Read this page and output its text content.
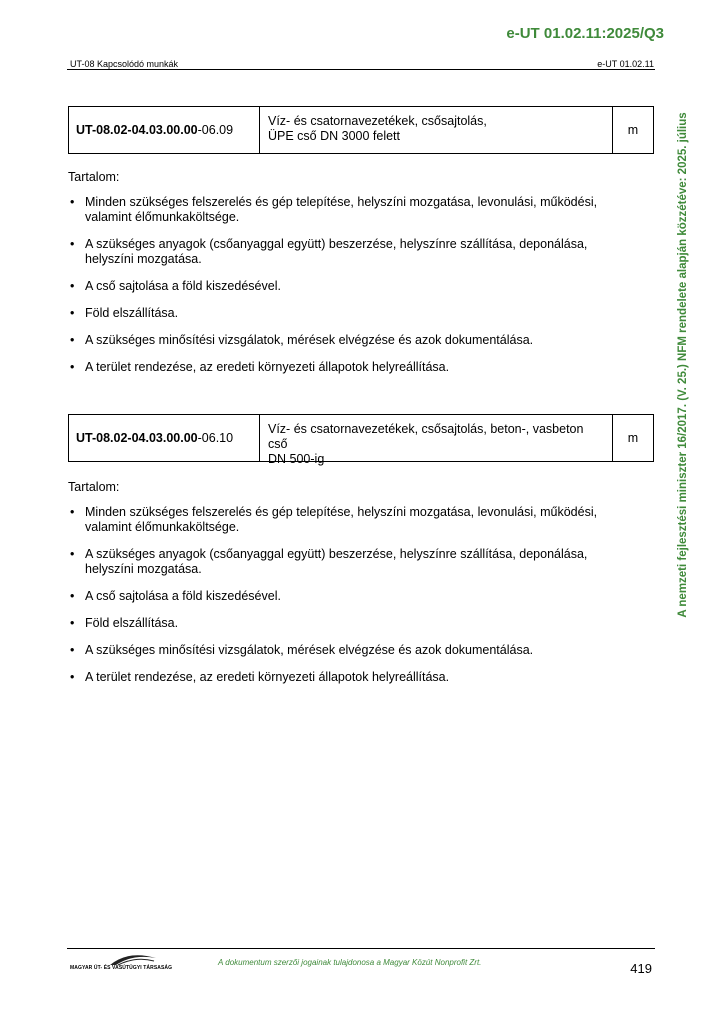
e-UT 01.02.11:2025/Q3
UT-08 Kapcsolódó munkák	e-UT 01.02.11
A nemzeti fejlesztési miniszter 16/2017. (V. 25.) NFM rendelete alapján közzétéve: 2025. július
UT-08.02-04.03.00.00 -06.09
Víz- és csatornavezetékek, csősajtolás,
ÜPE cső DN 3000 felett	m

Tartalom:

• Minden szükséges felszerelés és gép telepítése, helyszíni mozgatása, levonulási, működési, valamint élőmunkaköltsége.
• A szükséges anyagok (csőanyaggal együtt) beszerzése, helyszínre szállítása, deponálása, helyszíni mozgatása.
• A cső sajtolása a föld kiszedésével.
• Föld elszállítása.
• A szükséges minősítési vizsgálatok, mérések elvégzése és azok dokumentálása.
• A terület rendezése, az eredeti környezeti állapotok helyreállítása.
UT-08.02-04.03.00.00 -06.10
Víz- és csatornavezetékek, csősajtolás, beton-, vasbeton cső
DN 500-ig
m

Tartalom:

• Minden szükséges felszerelés és gép telepítése, helyszíni mozgatása, levonulási, működési, valamint élőmunkaköltsége.
• A szükséges anyagok (csőanyaggal együtt) beszerzése, helyszínre szállítása, deponálása, helyszíni mozgatása.
• A cső sajtolása a föld kiszedésével.
• Föld elszállítása.
• A szükséges minősítési vizsgálatok, mérések elvégzése és azok dokumentálása.
• A terület rendezése, az eredeti környezeti állapotok helyreállítása.
MAGYAR ÚT- ÉS VASÚTÜGYI TÁRSASÁG
A dokumentum szerzői jogainak tulajdonosa a Magyar Közút Nonprofit Zrt.	419
